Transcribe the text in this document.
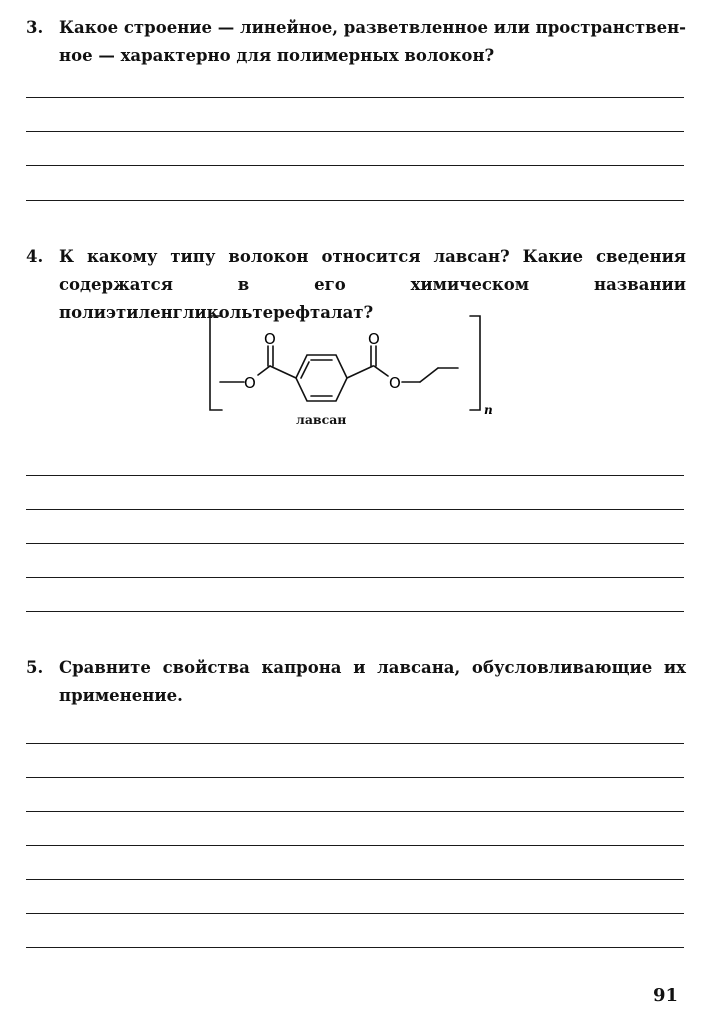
3. Какое строение — линейное, разветвленное или пространственное — характерно для полимерных волокон?
4. К какому типу волокон относится лавсан? Какие сведения содержатся в его химическом названии полиэтиленгликольтерефталат?
O
O	O
O
n
лавсан
5. Сравните свойства капрона и лавсана, обусловливающие их применение.
91
